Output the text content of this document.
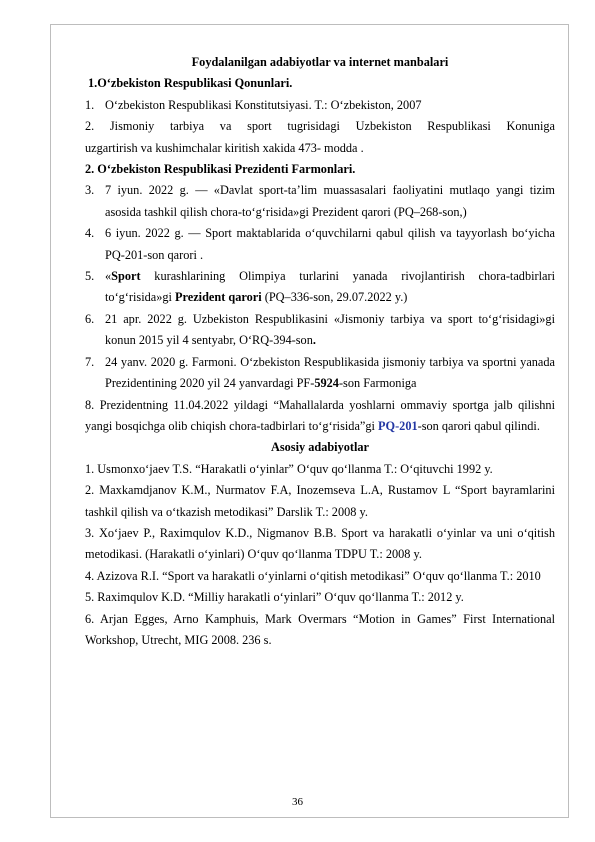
Foydalanilgan adabiyotlar va internet manbalari

1.O‘zbekiston Respublikasi Qonunlari.

1. O‘zbekiston Respublikasi Konstitutsiyasi. T.: O‘zbekiston, 2007

2. Jismoniy tarbiya va sport tugrisidagi Uzbekiston Respublikasi Konuniga

uzgartirish va kushimchalar kiritish xakida 473- modda .

2. O‘zbekiston Respublikasi Prezidenti Farmonlari.

3. 7 iyun. 2022 g. — «Davlat sport-ta’lim muassasalari faoliyatini mutlaqo yangi tizim asosida tashkil qilish chora-to‘g‘risida»gi Prezident qarori (PQ–268-son,)
4. 6 iyun. 2022 g. — Sport maktablarida o‘quvchilarni qabul qilish va tayyorlash bo‘yicha PQ-201-son qarori .
5. «Sport kurashlarining Olimpiya turlarini yanada rivojlantirish chora-tadbirlari to‘g‘risida»gi Prezident qarori (PQ–336-son, 29.07.2022 y.)
6. 21 apr. 2022 g. Uzbekiston Respublikasini «Jismoniy tarbiya va sport to‘g‘risidagi»gi konun 2015 yil 4 sentyabr, O‘RQ-394-son.
7. 24 yanv. 2020 g. Farmoni. O‘zbekiston Respublikasida jismoniy tarbiya va sportni yanada Prezidentining 2020 yil 24 yanvardagi PF-5924-son Farmoniga

8. Prezidentning 11.04.2022 yildagi “Mahallalarda yoshlarni ommaviy sportga jalb qilishni yangi bosqichga olib chiqish chora-tadbirlari to‘g‘risida”gi PQ-201-son qarori qabul qilindi.

Asosiy adabiyotlar

1. Usmonxo‘jaev T.S. “Harakatli o‘yinlar” O‘quv qo‘llanma T.: O‘qituvchi 1992 y.

2. Maxkamdjanov K.M., Nurmatov F.A, Inozemseva L.A, Rustamov L “Sport bayramlarini tashkil qilish va o‘tkazish metodikasi” Darslik T.: 2008 y.

3. Xo‘jaev P., Raximqulov K.D., Nigmanov B.B. Sport va harakatli o‘yinlar va uni o‘qitish metodikasi. (Harakatli o‘yinlari) O‘quv qo‘llanma TDPU T.: 2008 y.

4. Azizova R.I. “Sport va harakatli o‘yinlarni o‘qitish metodikasi” O‘quv qo‘llanma T.: 2010

5. Raximqulov K.D. “Milliy harakatli o‘yinlari” O‘quv qo‘llanma T.: 2012 y.

6. Arjan Egges, Arno Kamphuis, Mark Overmars “Motion in Games” First International Workshop, Utrecht, MIG 2008. 236 s.

36
